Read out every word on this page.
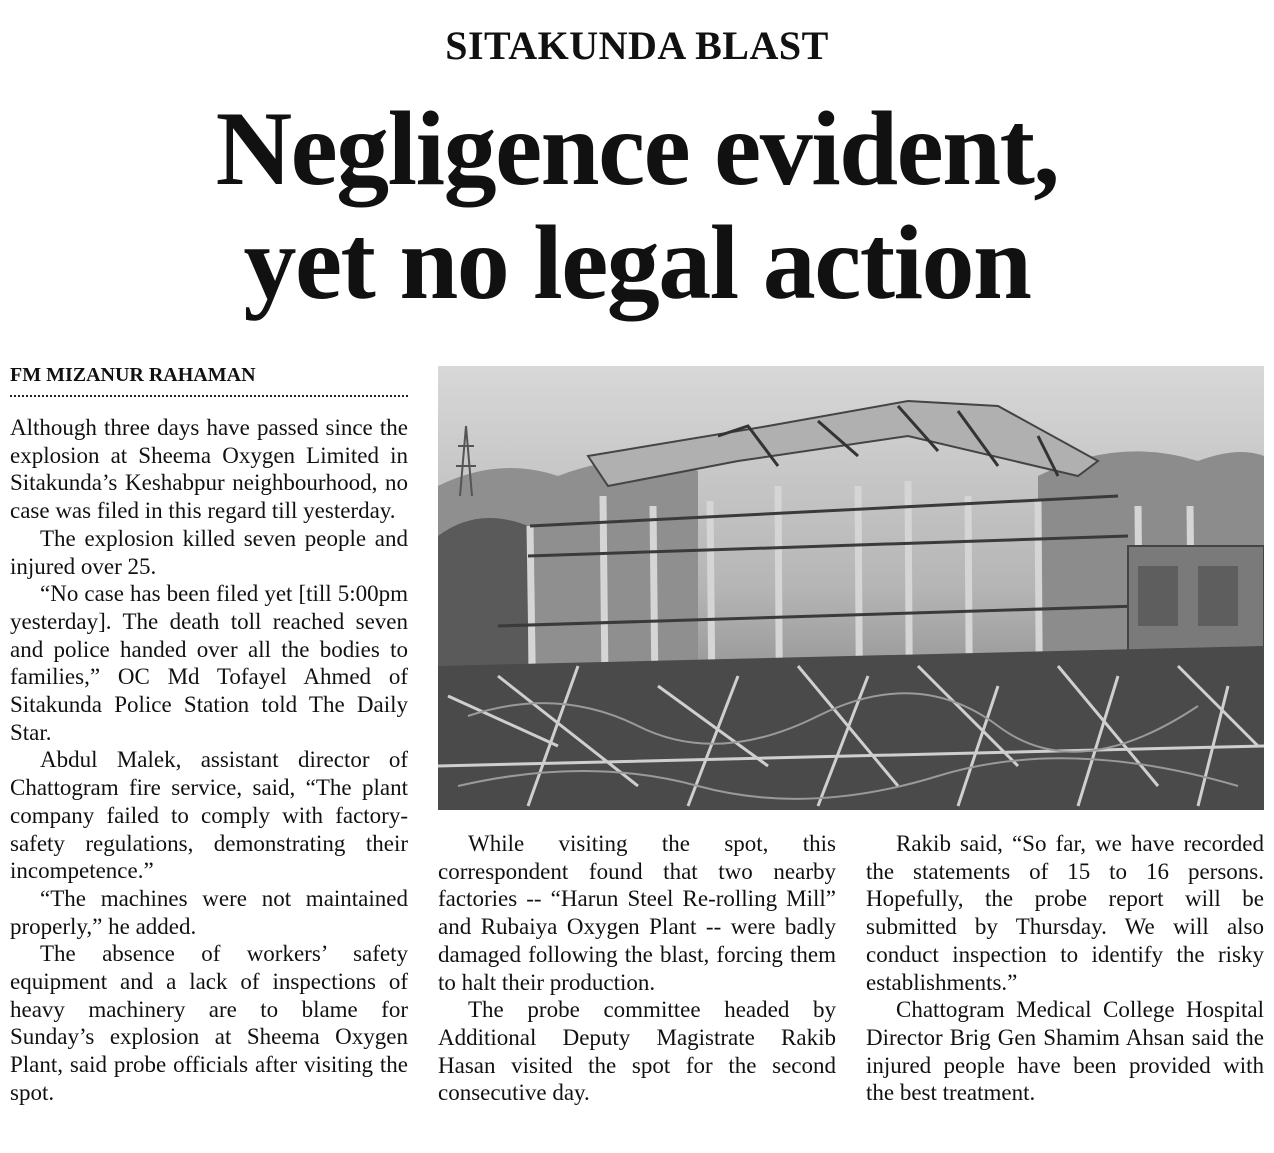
SITAKUNDA BLAST
Negligence evident,
yet no legal action
FM MIZANUR RAHAMAN

Although three days have passed since the explosion at Sheema Oxygen Limited in Sitakunda’s Keshabpur neighbourhood, no case was filed in this regard till yesterday.

The explosion killed seven people and injured over 25.

“No case has been filed yet [till 5:00pm yesterday]. The death toll reached seven and police handed over all the bodies to families,” OC Md Tofayel Ahmed of Sitakunda Police Station told The Daily Star.

Abdul Malek, assistant director of Chattogram fire service, said, “The plant company failed to comply with factory-safety regulations, demonstrating their incompetence.”

“The machines were not maintained properly,” he added.

The absence of workers’ safety equipment and a lack of inspections of heavy machinery are to blame for Sunday’s explosion at Sheema Oxygen Plant, said probe officials after visiting the spot.

While visiting the spot, this correspondent found that two nearby factories -- “Harun Steel Re-rolling Mill” and Rubaiya Oxygen Plant -- were badly damaged following the blast, forcing them to halt their production.

The probe committee headed by Additional Deputy Magistrate Rakib Hasan visited the spot for the second consecutive day.

Rakib said, “So far, we have recorded the statements of 15 to 16 persons. Hopefully, the probe report will be submitted by Thursday. We will also conduct inspection to identify the risky establishments.”

Chattogram Medical College Hospital Director Brig Gen Shamim Ahsan said the injured people have been provided with the best treatment.
